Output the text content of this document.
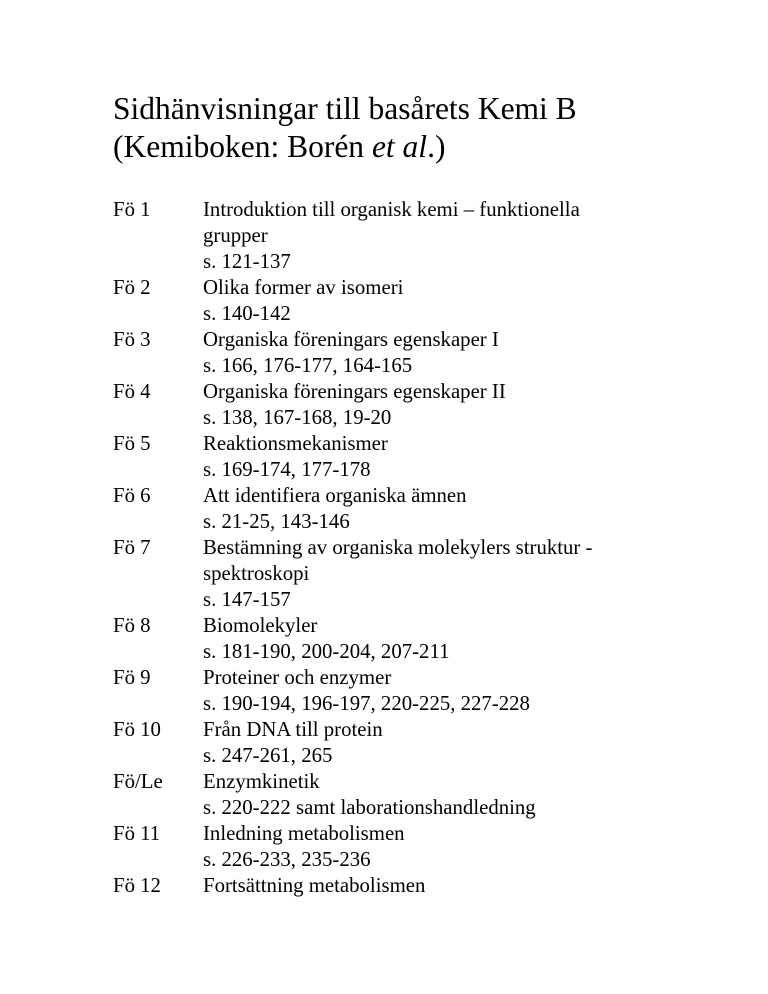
Sidhänvisningar till basårets Kemi B
(Kemiboken: Borén et al.)
Fö 1	Introduktion till organisk kemi – funktionella
grupper
s. 121-137
Fö 2	Olika former av isomeri
s. 140-142
Fö 3	Organiska föreningars egenskaper I
s. 166, 176-177, 164-165
Fö 4	Organiska föreningars egenskaper II
s. 138, 167-168, 19-20
Fö 5	Reaktionsmekanismer
s. 169-174, 177-178
Fö 6	Att identifiera organiska ämnen
s. 21-25, 143-146
Fö 7	Bestämning av organiska molekylers struktur -
spektroskopi
s. 147-157
Fö 8	Biomolekyler
s. 181-190, 200-204, 207-211
Fö 9	Proteiner och enzymer
s. 190-194, 196-197, 220-225, 227-228
Fö 10	Från DNA till protein
s. 247-261, 265
Fö/Le	Enzymkinetik
s. 220-222 samt laborationshandledning
Fö 11	Inledning metabolismen
s. 226-233, 235-236
Fö 12	Fortsättning metabolismen
